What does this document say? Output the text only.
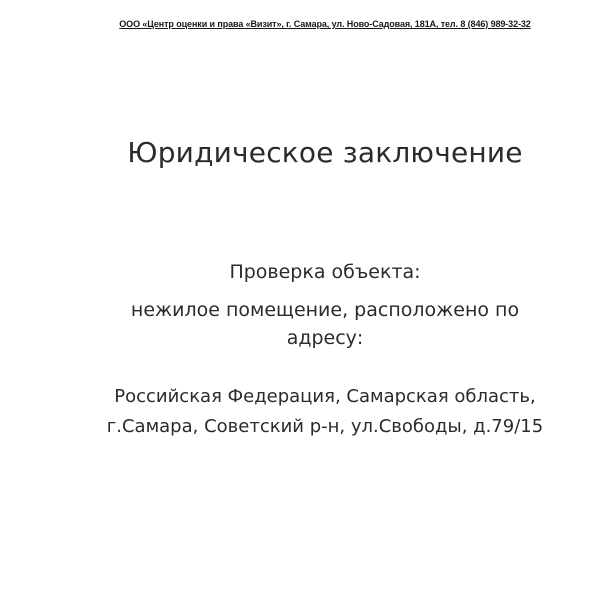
ООО «Центр оценки и права «Визит», г. Самара, ул. Ново-Садовая, 181А, тел. 8 (846) 989-32-32
Юридическое заключение
Проверка объекта:
нежилое помещение, расположено по
адресу:
Российская Федерация, Самарская область,
г.Самара, Советский р-н, ул.Свободы, д.79/15
